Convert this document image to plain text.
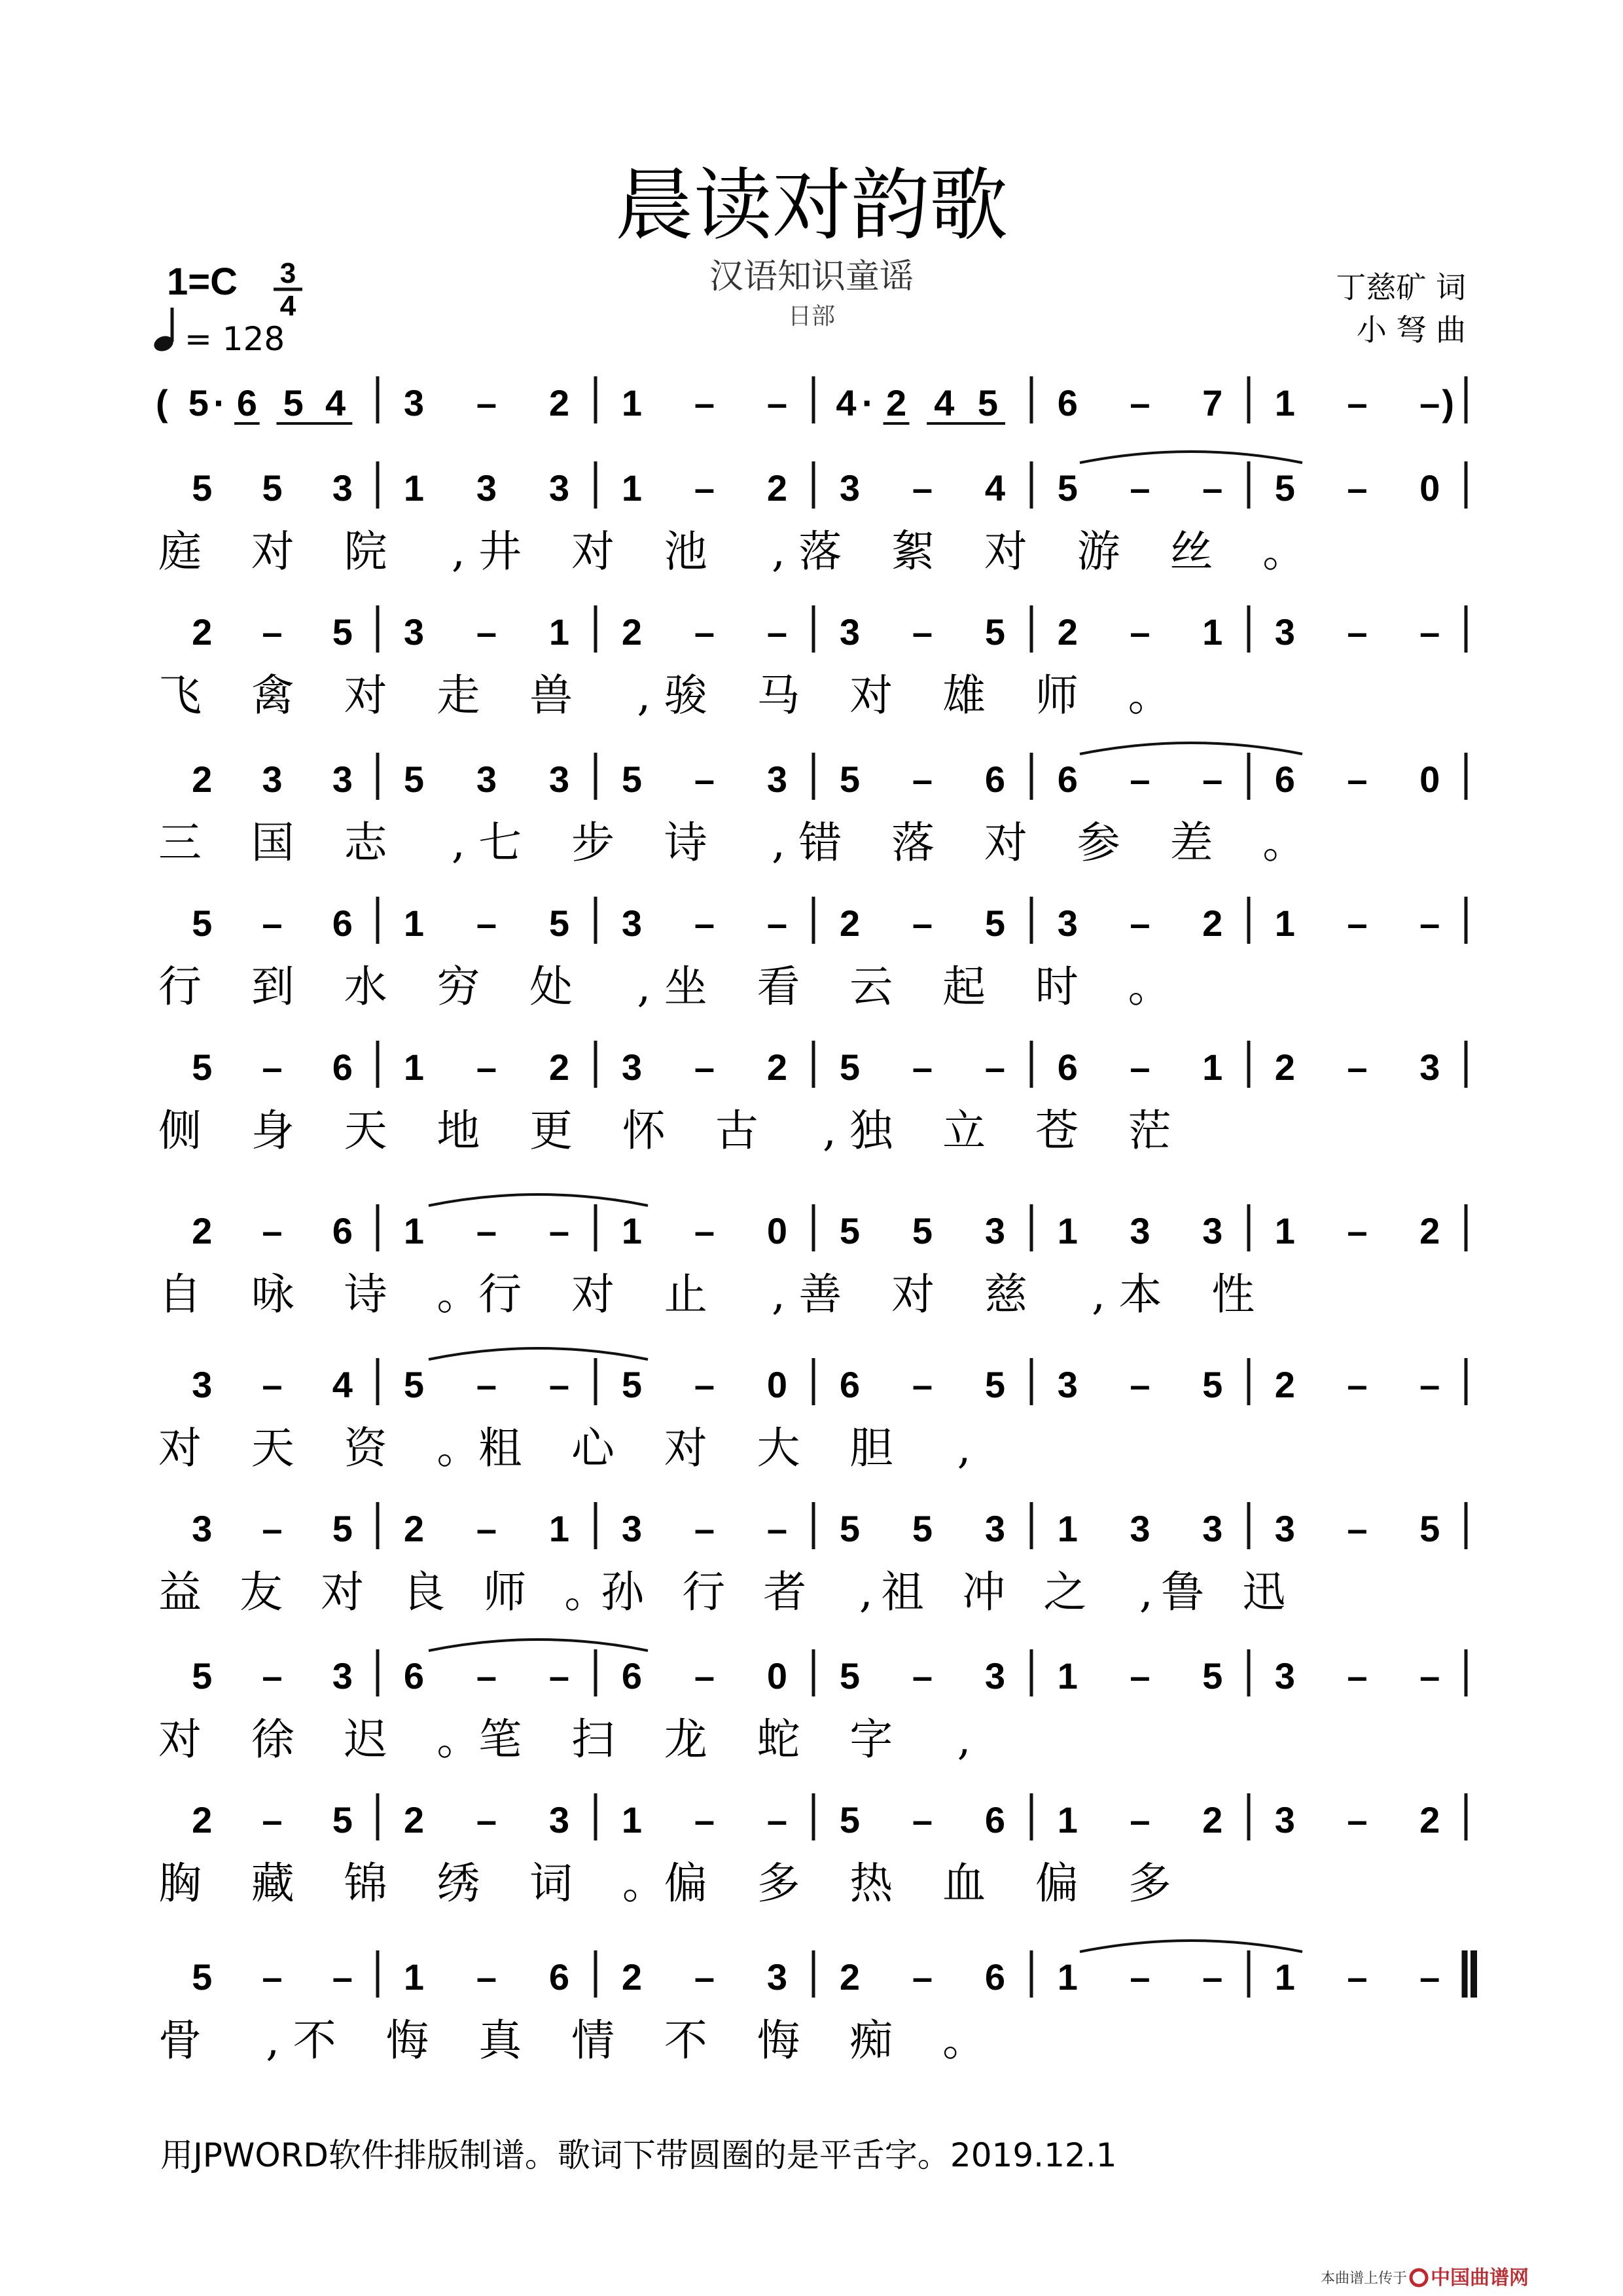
晨读对韵歌
汉语知识童谣
日部
1=C 3
4
= 128
丁慈矿 词
小 弩 曲
(	)
5 · 6 5 4 3 – 2 1 – – 4 · 2 4 5 6 – 7 1 – –
5 5 3 1 3 3 1 – 2 3 – 4 5 – – 5 – 0
庭 对 院 , 井 对 池 , 落 絮 对 游 丝 。
2 – 5 3 – 1 2 – – 3 – 5 2 – 1 3 – –
飞 禽 对 走 兽 , 骏 马 对 雄 师 。
2 3 3 5 3 3 5 – 3 5 – 6 6 – – 6 – 0
三 国 志 , 七 步 诗 , 错 落 对 参 差 。
5 – 6 1 – 5 3 – – 2 – 5 3 – 2 1 – –
行 到 水 穷 处 , 坐 看 云 起 时 。
5 – 6 1 – 2 3 – 2 5 – – 6 – 1 2 – 3
侧 身 天 地 更 怀 古 , 独 立 苍 茫
2 – 6 1 – – 1 – 0 5 5 3 1 3 3 1 – 2
自 咏 诗 。
行 对 止 , 善 对 慈 , 本 性
3 – 4 5 – – 5 – 0 6 – 5 3 – 5 2 – –
对 天 资 。
粗 心 对 大 胆 ,
3 – 5 2 – 1 3 – – 5 5 3 1 3 3 3 – 5
益 友 对 良 师 。
孙 行 者 , 祖 冲 之 , 鲁 迅
5 – 3 6 – – 6 – 0 5 – 3 1 – 5 3 – –
对 徐 迟 。
笔 扫 龙 蛇 字 ,
2 – 5 2 – 3 1 – – 5 – 6 1 – 2 3 – 2
胸 藏 锦 绣 词 。
偏 多 热 血 偏 多
5 – – 1 – 6 2 – 3 2 – 6 1 – – 1 – –
骨 , 不 悔 真 情 不 悔 痴 。
用JPWORD软件排版制谱。歌词下带圆圈的是平舌字。2019.12.1
本曲谱上传于 中国曲谱网
